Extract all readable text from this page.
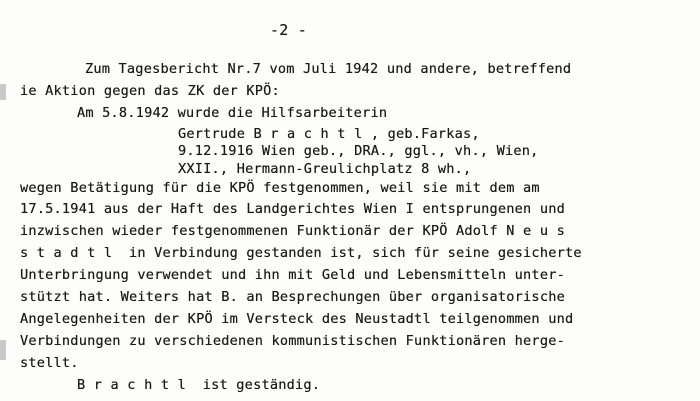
-2 -
Zum Tagesbericht Nr.7 vom Juli 1942 und andere, betreffend
ie Aktion gegen das ZK der KPÖ:
Am 5.8.1942 wurde die Hilfsarbeiterin
Gertrude B r a c h t l , geb.Farkas,
9.12.1916 Wien geb., DRA., ggl., vh., Wien,
XXII., Hermann-Greulichplatz 8 wh.,
wegen Betätigung für die KPÖ festgenommen, weil sie mit dem am
17.5.1941 aus der Haft des Landgerichtes Wien I entsprungenen und
inzwischen wieder festgenommenen Funktionär der KPÖ Adolf N e u s
s t a d t l  in Verbindung gestanden ist, sich für seine gesicherte
Unterbringung verwendet und ihn mit Geld und Lebensmitteln unter-
stützt hat. Weiters hat B. an Besprechungen über organisatorische
Angelegenheiten der KPÖ im Versteck des Neustadtl teilgenommen und
Verbindungen zu verschiedenen kommunistischen Funktionären herge-
stellt.
B r a c h t l  ist geständig.
